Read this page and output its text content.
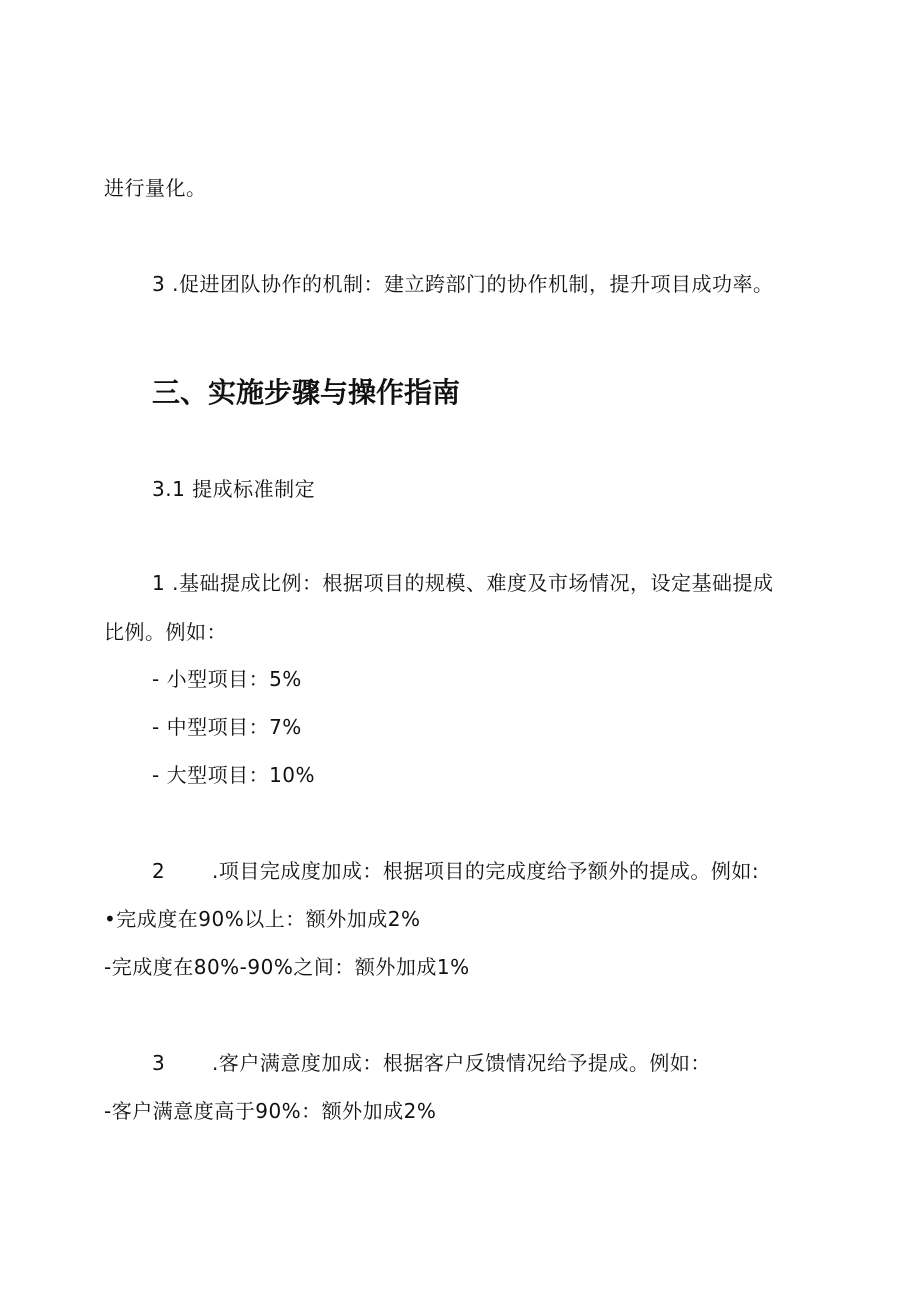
进行量化。
3 .促进团队协作的机制：建立跨部门的协作机制，提升项目成功率。
三、实施步骤与操作指南
3.1 提成标准制定
1 .基础提成比例：根据项目的规模、难度及市场情况，设定基础提成
比例。例如：
- 小型项目：5%
- 中型项目：7%
- 大型项目：10%
2 .项目完成度加成：根据项目的完成度给予额外的提成。例如:
•完成度在90%以上：额外加成2%
-完成度在80%-90%之间：额外加成1%
3 .客户满意度加成：根据客户反馈情况给予提成。例如：
-客户满意度高于90%：额外加成2%
